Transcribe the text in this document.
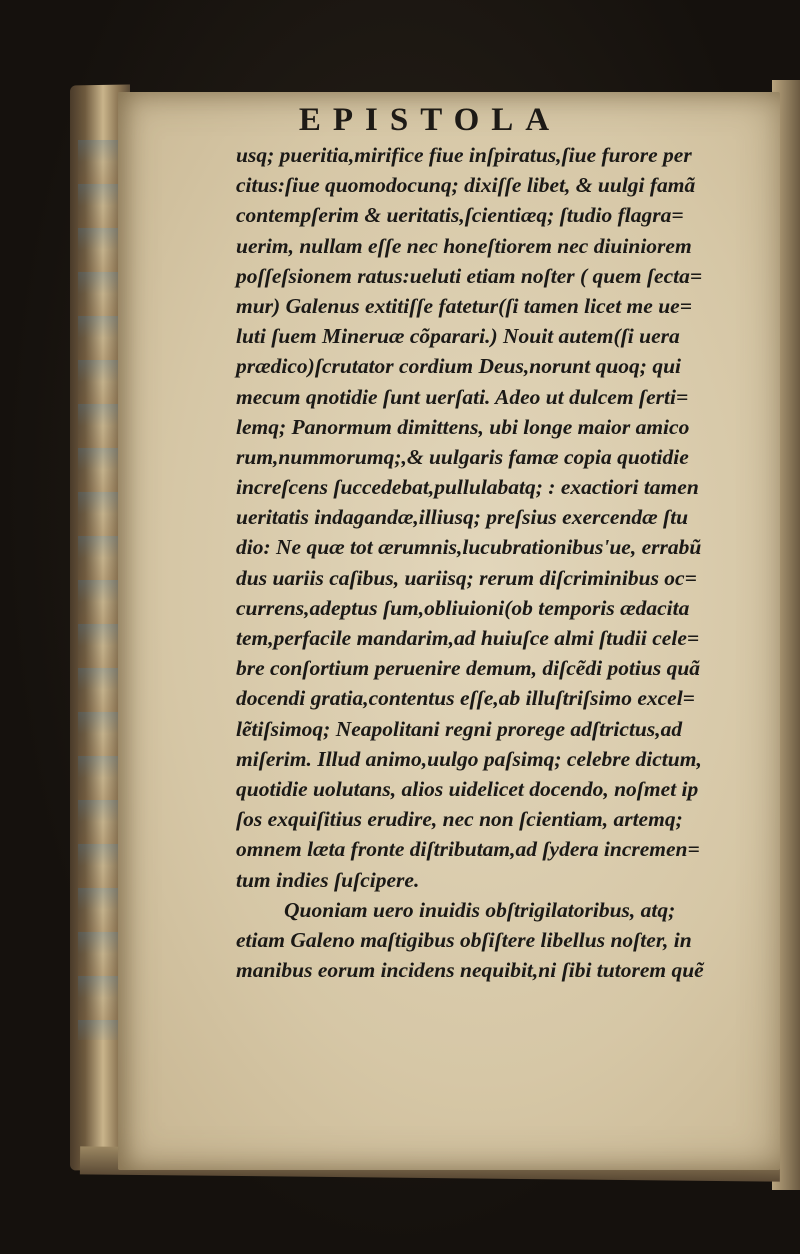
EPISTOLA
usq; pueritia,mirifice fiue inſpiratus,ſiue furore per
citus:ſiue quomodocunq; dixiſſe libet, & uulgi famã
contempſerim & ueritatis,ſcientiæq; ſtudio flagra=
uerim, nullam eſſe nec honeſtiorem nec diuiniorem
poſſeſsionem ratus:ueluti etiam noſter ( quem ſecta=
mur) Galenus extitiſſe fatetur(ſi tamen licet me ue=
luti ſuem Mineruæ cõparari.) Nouit autem(ſi uera
prædico)ſcrutator cordium Deus,norunt quoq; qui
mecum qnotidie ſunt uerſati. Adeo ut dulcem ſerti=
lemq; Panormum dimittens, ubi longe maior amico
rum,nummorumq;,& uulgaris famæ copia quotidie
increſcens ſuccedebat,pullulabatq; : exactiori tamen
ueritatis indagandæ,illiusq; preſsius exercendæ ſtu
dio: Ne quæ tot ærumnis,lucubrationibus'ue, errabũ
dus uariis caſibus, uariisq; rerum diſcriminibus oc=
currens,adeptus ſum,obliuioni(ob temporis ædacita
tem,perfacile mandarim,ad huiuſce almi ſtudii cele=
bre conſortium peruenire demum, diſcẽdi potius quã
docendi gratia,contentus eſſe,ab illuſtriſsimo excel=
lẽtiſsimoq; Neapolitani regni prorege adſtrictus,ad
miſerim. Illud animo,uulgo paſsimq; celebre dictum,
quotidie uolutans, alios uidelicet docendo, noſmet ip
ſos exquiſitius erudire, nec non ſcientiam, artemq;
omnem læta fronte diſtributam,ad ſydera incremen=
tum indies ſuſcipere.
Quoniam uero inuidis obſtrigilatoribus, atq;
etiam Galeno maſtigibus obſiſtere libellus noſter, in
manibus eorum incidens nequibit,ni ſibi tutorem quẽ
